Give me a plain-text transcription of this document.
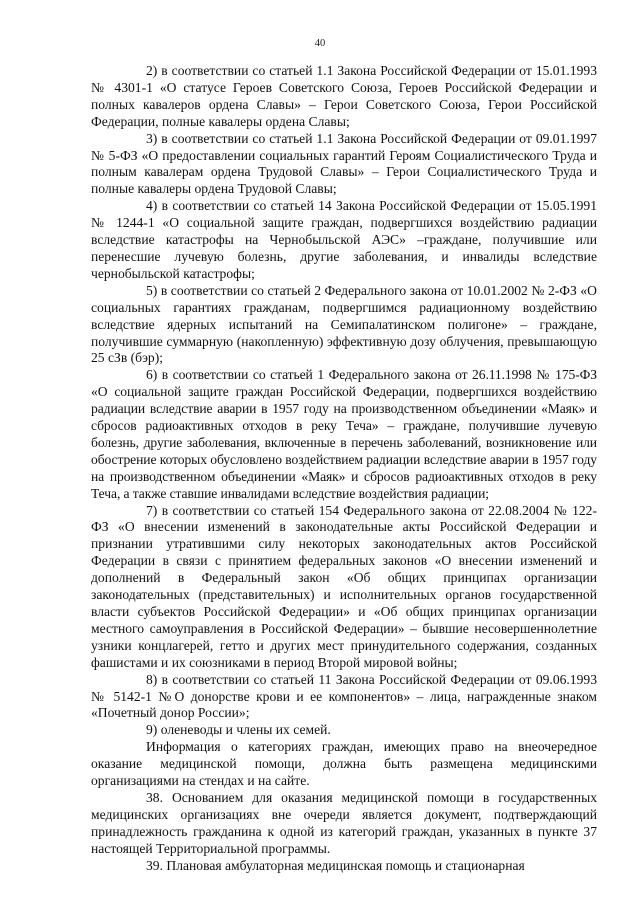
40

2) в соответствии со статьей 1.1 Закона Российской Федерации от 15.01.1993 № 4301-1 «О статусе Героев Советского Союза, Героев Российской Федерации и полных кавалеров ордена Славы» – Герои Советского Союза, Герои Российской Федерации, полные кавалеры ордена Славы;

3) в соответствии со статьей 1.1 Закона Российской Федерации от 09.01.1997 № 5-ФЗ «О предоставлении социальных гарантий Героям Социалистического Труда и полным кавалерам ордена Трудовой Славы» – Герои Социалистического Труда и полные кавалеры ордена Трудовой Славы;

4) в соответствии со статьей 14 Закона Российской Федерации от 15.05.1991 № 1244-1 «О социальной защите граждан, подвергшихся воздействию радиации вследствие катастрофы на Чернобыльской АЭС» –граждане, получившие или перенесшие лучевую болезнь, другие заболевания, и инвалиды вследствие чернобыльской катастрофы;

5) в соответствии со статьей 2 Федерального закона от 10.01.2002 № 2-ФЗ «О социальных гарантиях гражданам, подвергшимся радиационному воздействию вследствие ядерных испытаний на Семипалатинском полигоне» – граждане, получившие суммарную (накопленную) эффективную дозу облучения, превышающую 25 сЗв (бэр);

6) в соответствии со статьей 1 Федерального закона от 26.11.1998 № 175-ФЗ «О социальной защите граждан Российской Федерации, подвергшихся воздействию радиации вследствие аварии в 1957 году на производственном объединении «Маяк» и сбросов радиоактивных отходов в реку Теча» – граждане, получившие лучевую болезнь, другие заболевания, включенные в перечень заболеваний, возникновение или обострение которых обусловлено воздействием радиации вследствие аварии в 1957 году на производственном объединении «Маяк» и сбросов радиоактивных отходов в реку Теча, а также ставшие инвалидами вследствие воздействия радиации;

7) в соответствии со статьей 154 Федерального закона от 22.08.2004 № 122-ФЗ «О внесении изменений в законодательные акты Российской Федерации и признании утратившими силу некоторых законодательных актов Российской Федерации в связи с принятием федеральных законов «О внесении изменений и дополнений в Федеральный закон «Об общих принципах организации законодательных (представительных) и исполнительных органов государственной власти субъектов Российской Федерации» и «Об общих принципах организации местного самоуправления в Российской Федерации» – бывшие несовершеннолетние узники концлагерей, гетто и других мест принудительного содержания, созданных фашистами и их союзниками в период Второй мировой войны;

8) в соответствии со статьей 11 Закона Российской Федерации от 09.06.1993 № 5142-1 №О донорстве крови и ее компонентов» – лица, награжденные знаком «Почетный донор России»;

9) оленеводы и члены их семей.

Информация о категориях граждан, имеющих право на внеочередное оказание медицинской помощи, должна быть размещена медицинскими организациями на стендах и на сайте.

38. Основанием для оказания медицинской помощи в государственных медицинских организациях вне очереди является документ, подтверждающий принадлежность гражданина к одной из категорий граждан, указанных в пункте 37 настоящей Территориальной программы.

39. Плановая амбулаторная медицинская помощь и стационарная
